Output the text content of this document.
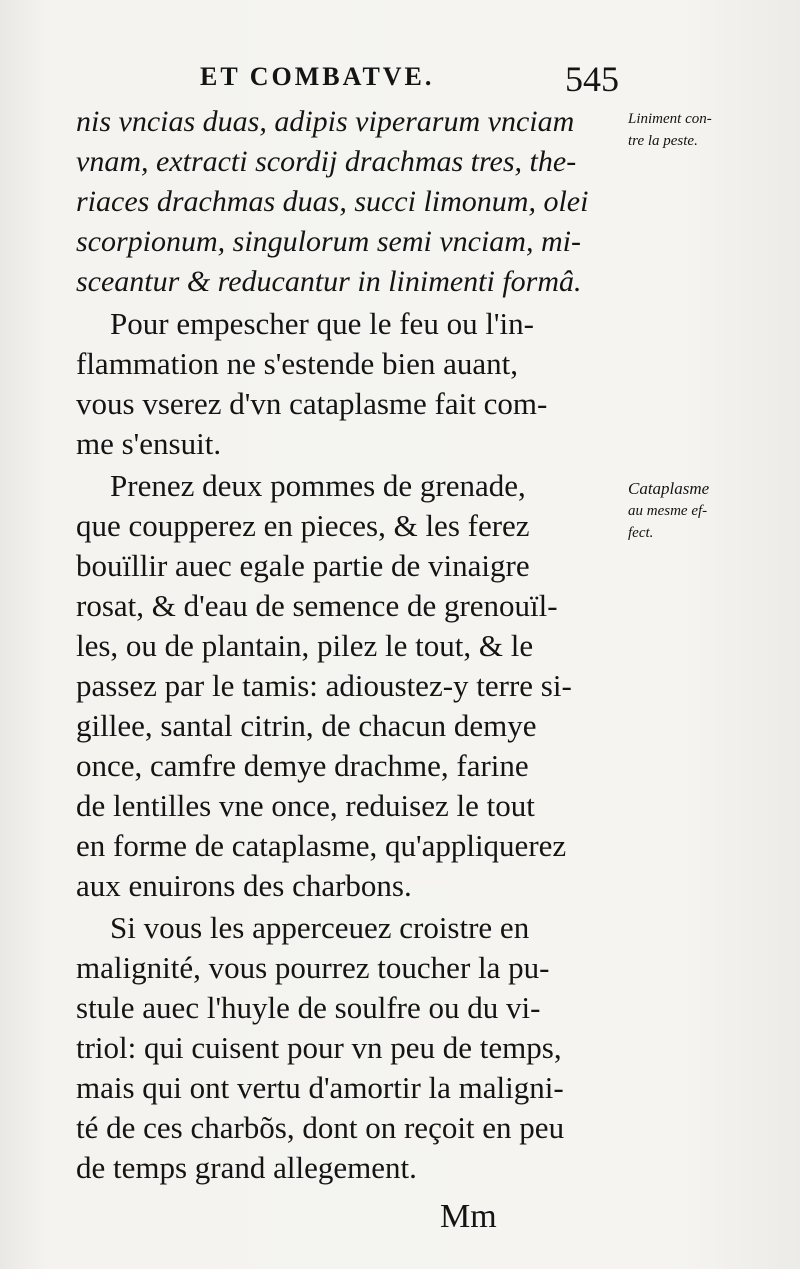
ET COMBATVE.	545
Liniment con-
tre la peste.
Cataplasme
au mesme ef-
fect.
nis vncias duas, adipis viperarum vnciam
vnam, extracti scordij drachmas tres, the-
riaces drachmas duas, succi limonum, olei
scorpionum, singulorum semi vnciam, mi-
sceantur & reducantur in linimenti formâ.
Pour empescher que le feu ou l'in-
flammation ne s'estende bien auant,
vous vserez d'vn cataplasme fait com-
me s'ensuit.
Prenez deux pommes de grenade,
que coupperez en pieces, & les ferez
bouïllir auec egale partie de vinaigre
rosat, & d'eau de semence de grenouïl-
les, ou de plantain, pilez le tout, & le
passez par le tamis: adioustez-y terre si-
gillee, santal citrin, de chacun demye
once, camfre demye drachme, farine
de lentilles vne once, reduisez le tout
en forme de cataplasme, qu'appliquerez
aux enuirons des charbons.
Si vous les apperceuez croistre en
malignité, vous pourrez toucher la pu-
stule auec l'huyle de soulfre ou du vi-
triol: qui cuisent pour vn peu de temps,
mais qui ont vertu d'amortir la maligni-
té de ces charbõs, dont on reçoit en peu
de temps grand allegement.
Mm
